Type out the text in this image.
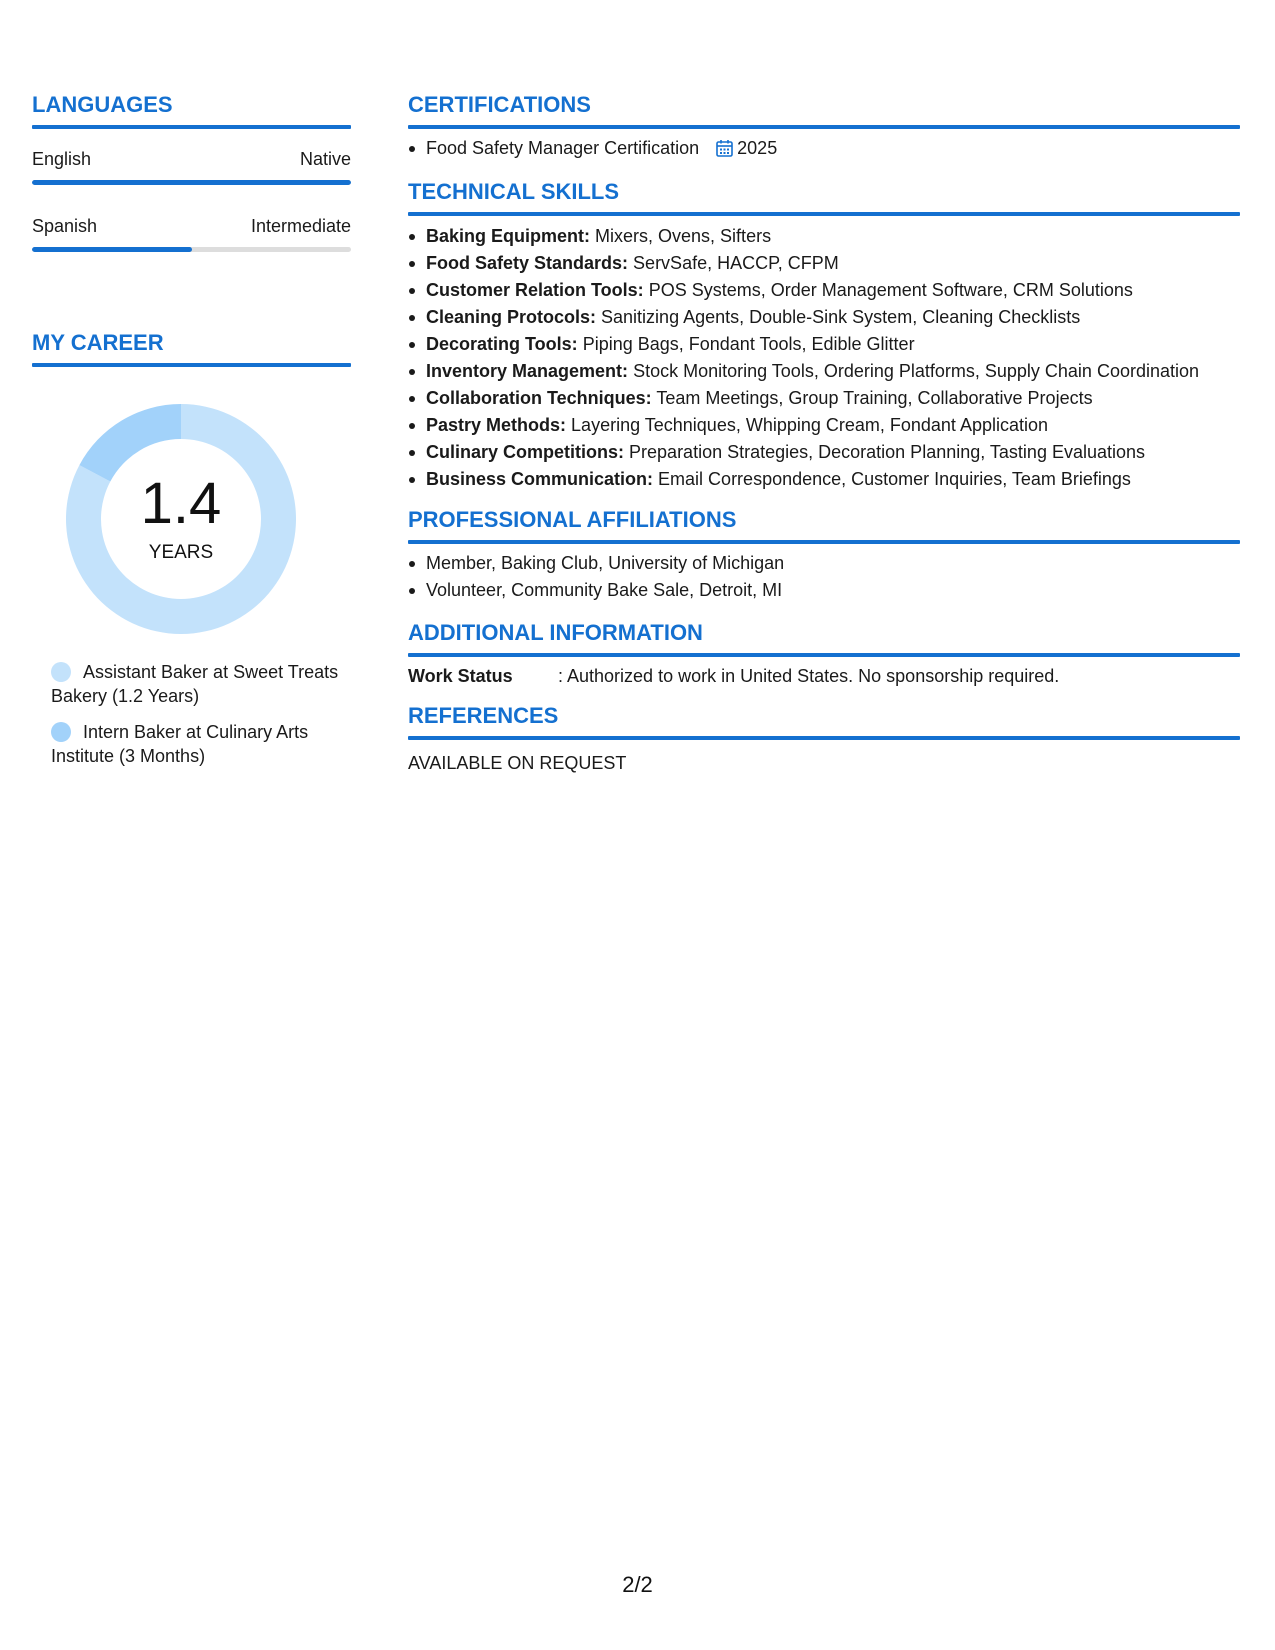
LANGUAGES
English	Native
Spanish	Intermediate
MY CAREER
1.4
YEARS
Assistant Baker at Sweet Treats Bakery (1.2 Years)
Intern Baker at Culinary Arts Institute (3 Months)
CERTIFICATIONS
Food Safety Manager Certification 2025
TECHNICAL SKILLS
Baking Equipment: Mixers, Ovens, Sifters
Food Safety Standards: ServSafe, HACCP, CFPM
Customer Relation Tools: POS Systems, Order Management Software, CRM Solutions
Cleaning Protocols: Sanitizing Agents, Double-Sink System, Cleaning Checklists
Decorating Tools: Piping Bags, Fondant Tools, Edible Glitter
Inventory Management: Stock Monitoring Tools, Ordering Platforms, Supply Chain Coordination
Collaboration Techniques: Team Meetings, Group Training, Collaborative Projects
Pastry Methods: Layering Techniques, Whipping Cream, Fondant Application
Culinary Competitions: Preparation Strategies, Decoration Planning, Tasting Evaluations
Business Communication: Email Correspondence, Customer Inquiries, Team Briefings
PROFESSIONAL AFFILIATIONS
Member, Baking Club, University of Michigan
Volunteer, Community Bake Sale, Detroit, MI
ADDITIONAL INFORMATION
Work Status	: Authorized to work in United States. No sponsorship required.
REFERENCES
AVAILABLE ON REQUEST
2/2
